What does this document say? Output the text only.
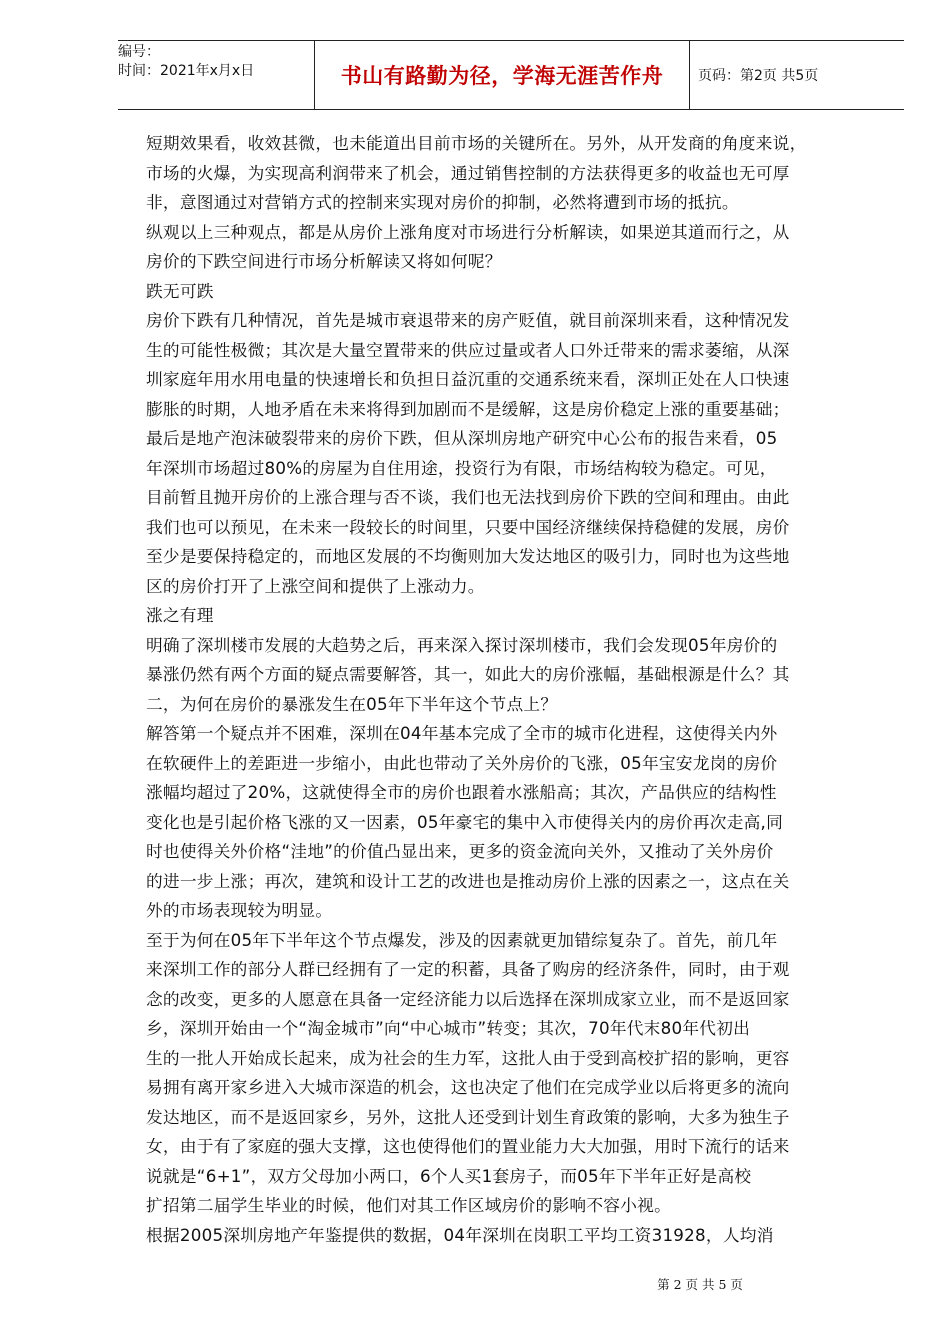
编号：
时间：2021年x月x日	书山有路勤为径，学海无涯苦作舟	页码：第2页 共5页

短期效果看，收效甚微，也未能道出目前市场的关键所在。另外，从开发商的角度来说，

市场的火爆，为实现高利润带来了机会，通过销售控制的方法获得更多的收益也无可厚

非，意图通过对营销方式的控制来实现对房价的抑制，必然将遭到市场的抵抗。

纵观以上三种观点，都是从房价上涨角度对市场进行分析解读，如果逆其道而行之，从

房价的下跌空间进行市场分析解读又将如何呢？

跌无可跌

房价下跌有几种情况，首先是城市衰退带来的房产贬值，就目前深圳来看，这种情况发

生的可能性极微；其次是大量空置带来的供应过量或者人口外迁带来的需求萎缩，从深

圳家庭年用水用电量的快速增长和负担日益沉重的交通系统来看，深圳正处在人口快速

膨胀的时期，人地矛盾在未来将得到加剧而不是缓解，这是房价稳定上涨的重要基础；

最后是地产泡沫破裂带来的房价下跌，但从深圳房地产研究中心公布的报告来看，05

年深圳市场超过80%的房屋为自住用途，投资行为有限，市场结构较为稳定。可见，

目前暂且抛开房价的上涨合理与否不谈，我们也无法找到房价下跌的空间和理由。由此

我们也可以预见，在未来一段较长的时间里，只要中国经济继续保持稳健的发展，房价

至少是要保持稳定的，而地区发展的不均衡则加大发达地区的吸引力，同时也为这些地

区的房价打开了上涨空间和提供了上涨动力。

涨之有理

明确了深圳楼市发展的大趋势之后，再来深入探讨深圳楼市，我们会发现05年房价的

暴涨仍然有两个方面的疑点需要解答，其一，如此大的房价涨幅，基础根源是什么？其

二，为何在房价的暴涨发生在05年下半年这个节点上？

解答第一个疑点并不困难，深圳在04年基本完成了全市的城市化进程，这使得关内外

在软硬件上的差距进一步缩小，由此也带动了关外房价的飞涨，05年宝安龙岗的房价

涨幅均超过了20%，这就使得全市的房价也跟着水涨船高；其次，产品供应的结构性

变化也是引起价格飞涨的又一因素，05年豪宅的集中入市使得关内的房价再次走高,同

时也使得关外价格“洼地”的价值凸显出来，更多的资金流向关外，又推动了关外房价

的进一步上涨；再次，建筑和设计工艺的改进也是推动房价上涨的因素之一，这点在关

外的市场表现较为明显。

至于为何在05年下半年这个节点爆发，涉及的因素就更加错综复杂了。首先，前几年

来深圳工作的部分人群已经拥有了一定的积蓄，具备了购房的经济条件，同时，由于观

念的改变，更多的人愿意在具备一定经济能力以后选择在深圳成家立业，而不是返回家

乡，深圳开始由一个“淘金城市”向“中心城市”转变；其次，70年代末80年代初出

生的一批人开始成长起来，成为社会的生力军，这批人由于受到高校扩招的影响，更容

易拥有离开家乡进入大城市深造的机会，这也决定了他们在完成学业以后将更多的流向

发达地区，而不是返回家乡，另外，这批人还受到计划生育政策的影响，大多为独生子

女，由于有了家庭的强大支撑，这也使得他们的置业能力大大加强，用时下流行的话来

说就是“6+1”，双方父母加小两口，6个人买1套房子，而05年下半年正好是高校

扩招第二届学生毕业的时候，他们对其工作区域房价的影响不容小视。

根据2005深圳房地产年鉴提供的数据，04年深圳在岗职工平均工资31928，人均消

第 2 页 共 5 页
